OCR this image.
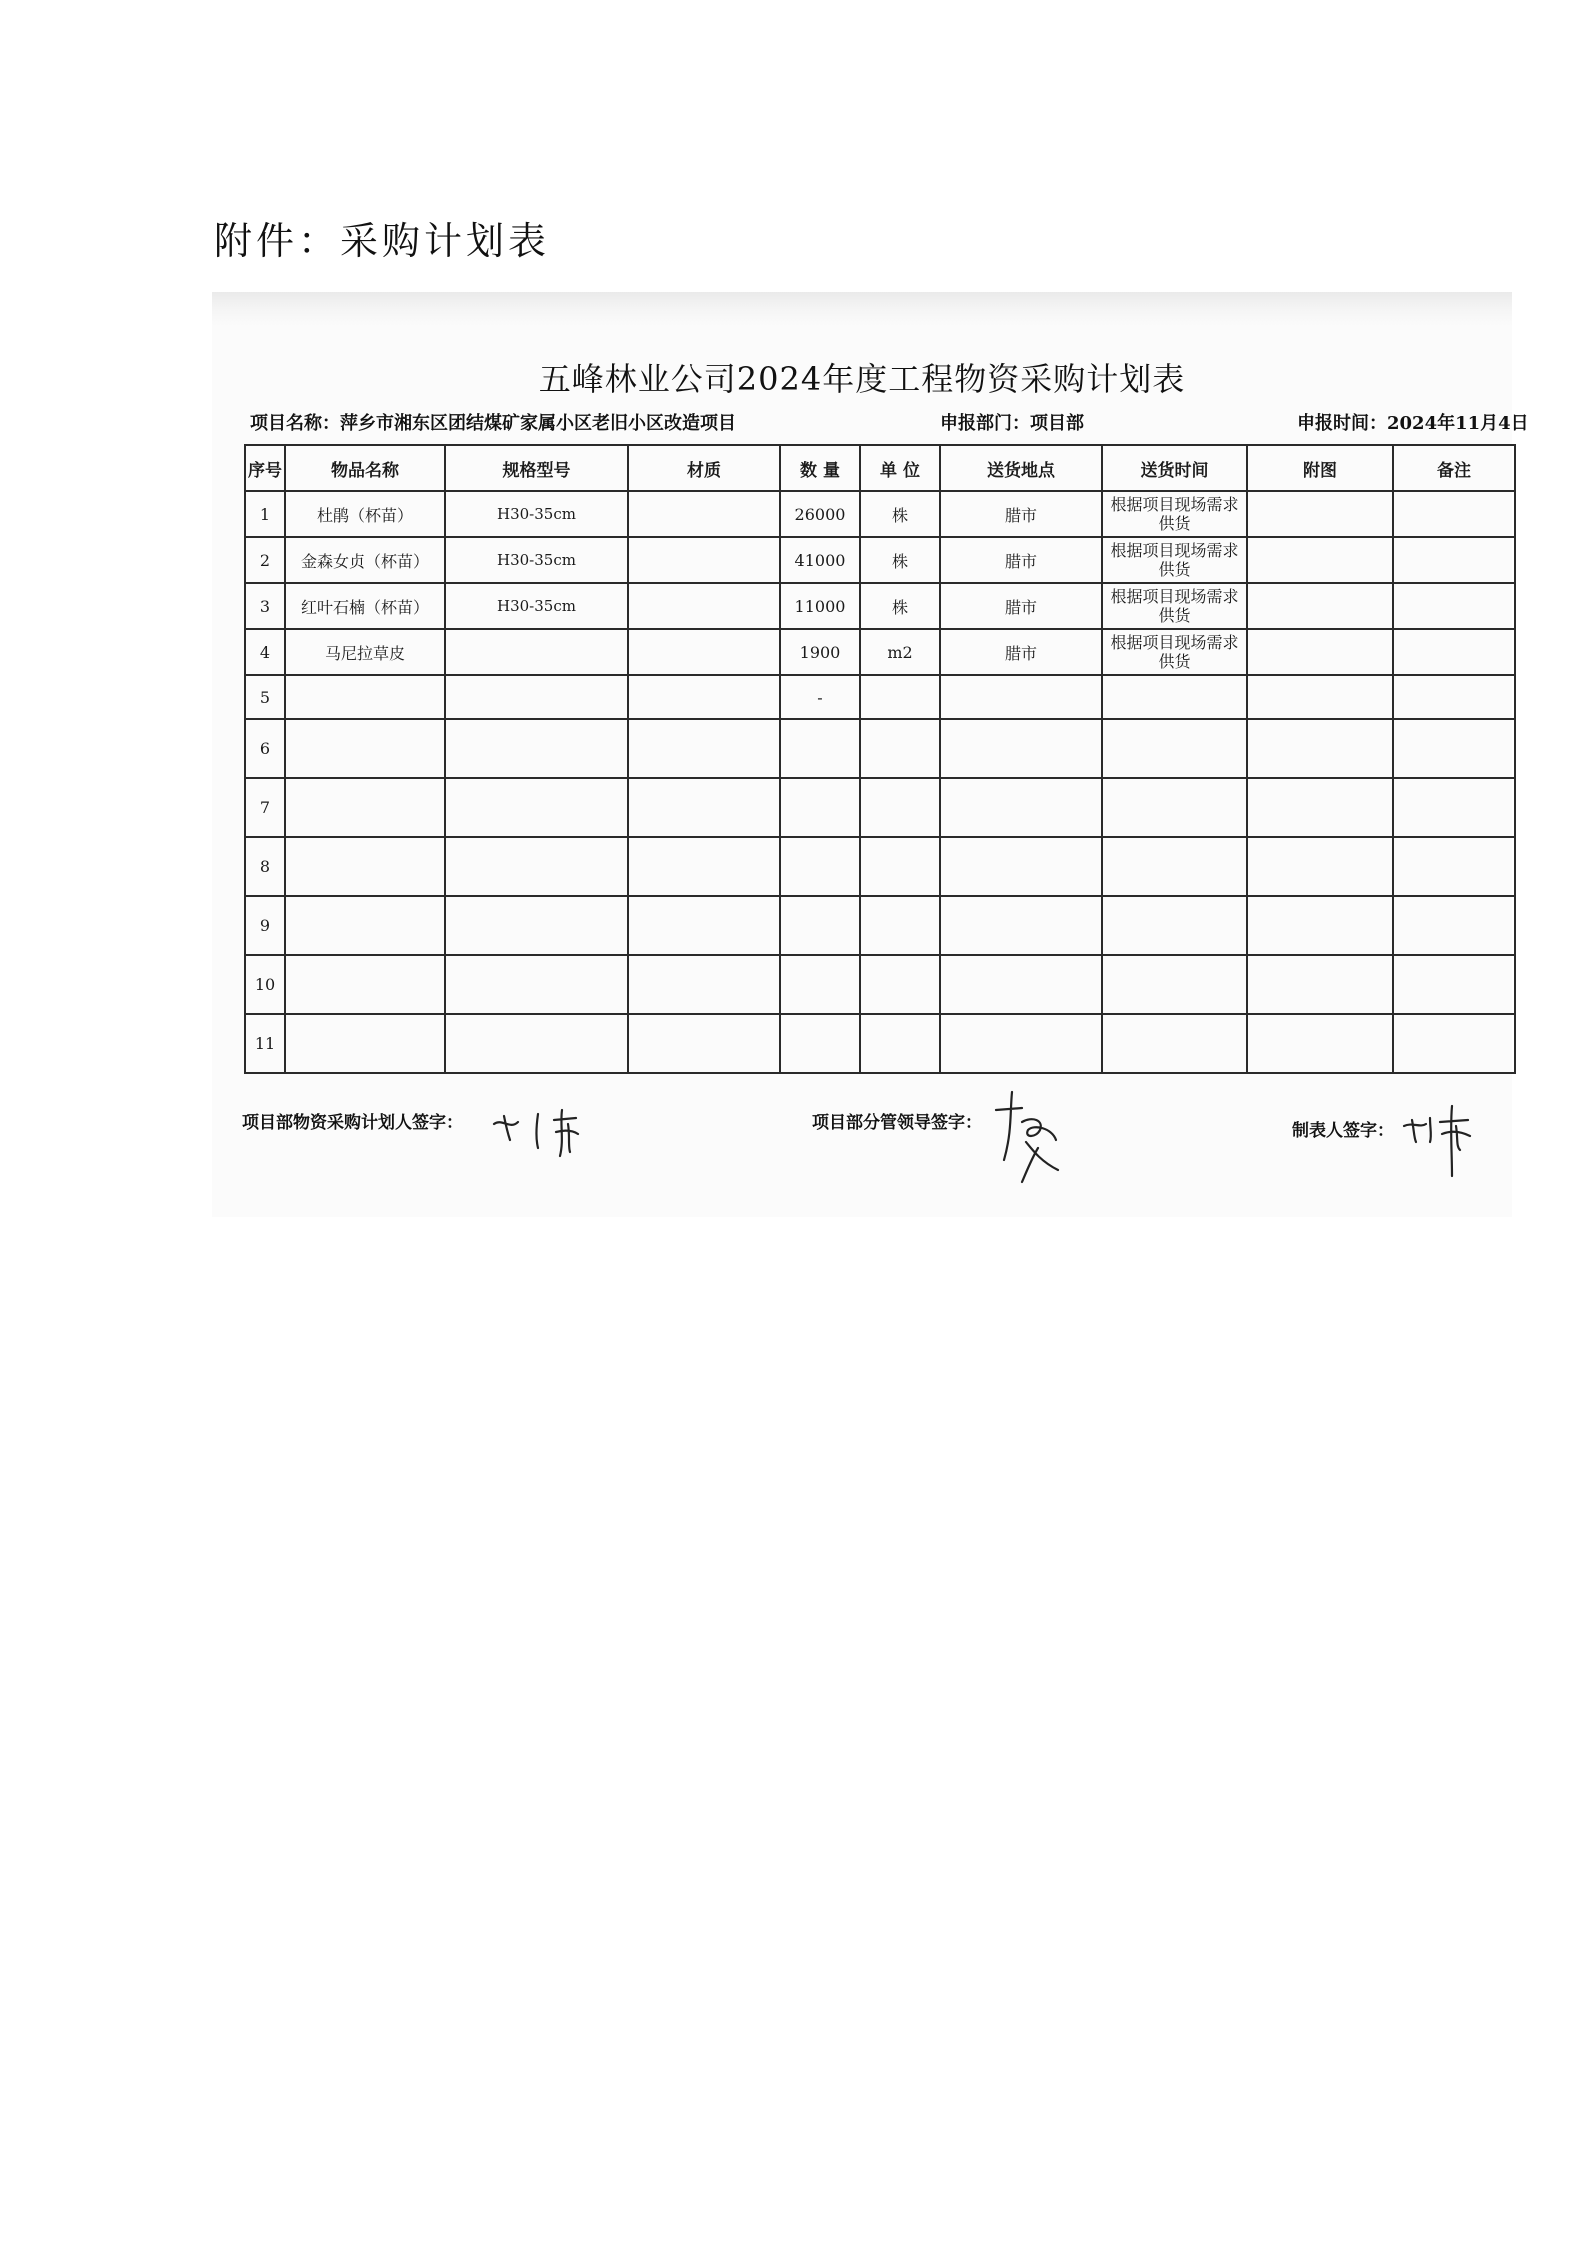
附件：采购计划表
五峰林业公司2024年度工程物资采购计划表
项目名称：萍乡市湘东区团结煤矿家属小区老旧小区改造项目	申报部门：项目部	申报时间：2024年11月4日
序号	物品名称	规格型号	材质	数 量	单 位	送货地点	送货时间	附图	备注
1	杜鹃（杯苗）	H30-35cm		26000	株	腊市	根据项目现场需求供货		
2	金森女贞（杯苗）	H30-35cm		41000	株	腊市	根据项目现场需求供货		
3	红叶石楠（杯苗）	H30-35cm		11000	株	腊市	根据项目现场需求供货		
4	马尼拉草皮			1900	m2	腊市	根据项目现场需求供货		
5				-					
6									
7									
8									
9									
10									
11									
项目部物资采购计划人签字：	项目部分管领导签字：	制表人签字：
